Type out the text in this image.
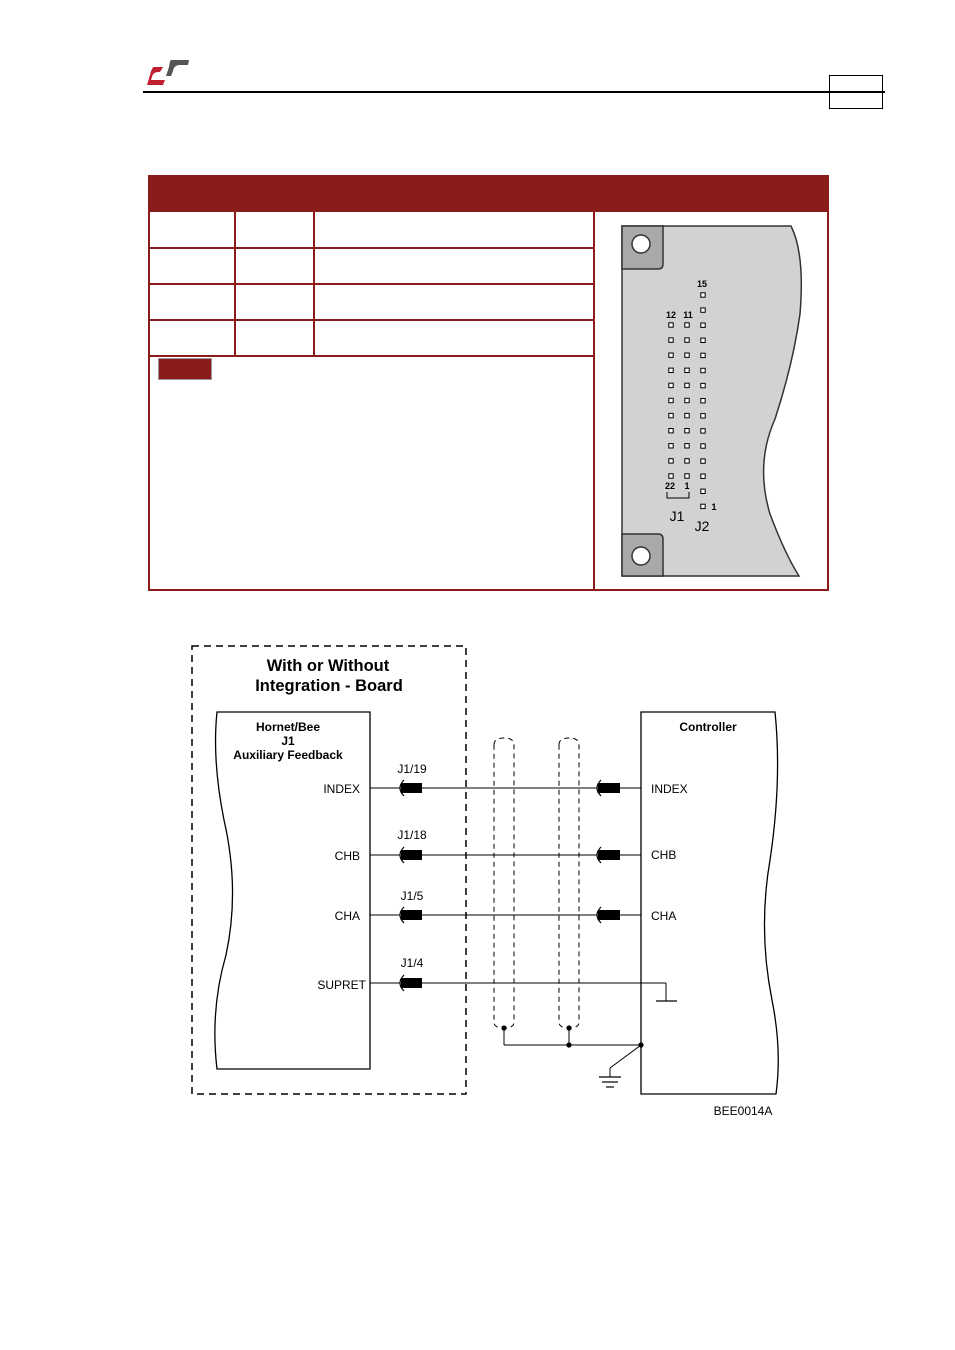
15
12 11
22 1
1
J1
J2
With or Without
Integration - Board
Hornet/Bee
J1
Auxiliary Feedback
Controller
INDEX
J1/19
INDEX
CHB
J1/18
CHB
CHA
J1/5
CHA
SUPRET
J1/4
BEE0014A
